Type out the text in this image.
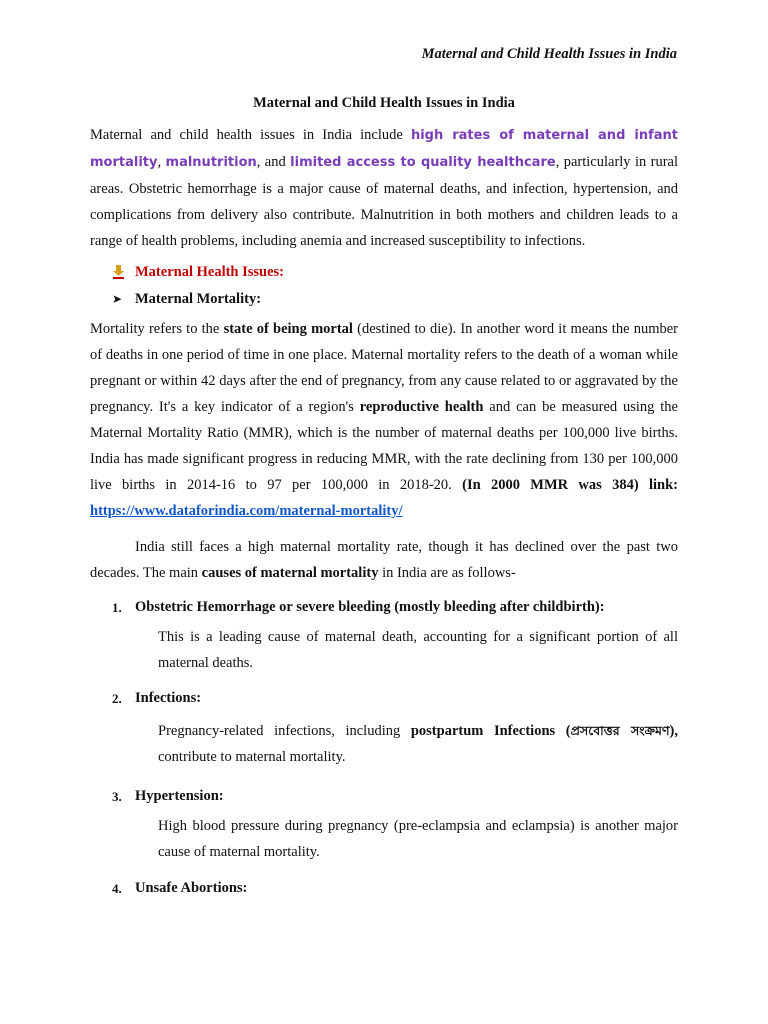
Maternal and Child Health Issues in India
Maternal and Child Health Issues in India
Maternal and child health issues in India include high rates of maternal and infant mortality, malnutrition, and limited access to quality healthcare, particularly in rural areas. Obstetric hemorrhage is a major cause of maternal deaths, and infection, hypertension, and complications from delivery also contribute. Malnutrition in both mothers and children leads to a range of health problems, including anemia and increased susceptibility to infections.
Maternal Health Issues:
➤ Maternal Mortality:
Mortality refers to the state of being mortal (destined to die). In another word it means the number of deaths in one period of time in one place. Maternal mortality refers to the death of a woman while pregnant or within 42 days after the end of pregnancy, from any cause related to or aggravated by the pregnancy. It's a key indicator of a region's reproductive health and can be measured using the Maternal Mortality Ratio (MMR), which is the number of maternal deaths per 100,000 live births. India has made significant progress in reducing MMR, with the rate declining from 130 per 100,000 live births in 2014-16 to 97 per 100,000 in 2018-20. (In 2000 MMR was 384) link: https://www.dataforindia.com/maternal-mortality/
India still faces a high maternal mortality rate, though it has declined over the past two decades. The main causes of maternal mortality in India are as follows-
1. Obstetric Hemorrhage or severe bleeding (mostly bleeding after childbirth):
This is a leading cause of maternal death, accounting for a significant portion of all maternal deaths.
2. Infections:
Pregnancy-related infections, including postpartum Infections (প্রসবোত্তর সংক্রমণ), contribute to maternal mortality.
3. Hypertension:
High blood pressure during pregnancy (pre-eclampsia and eclampsia) is another major cause of maternal mortality.
4. Unsafe Abortions:
